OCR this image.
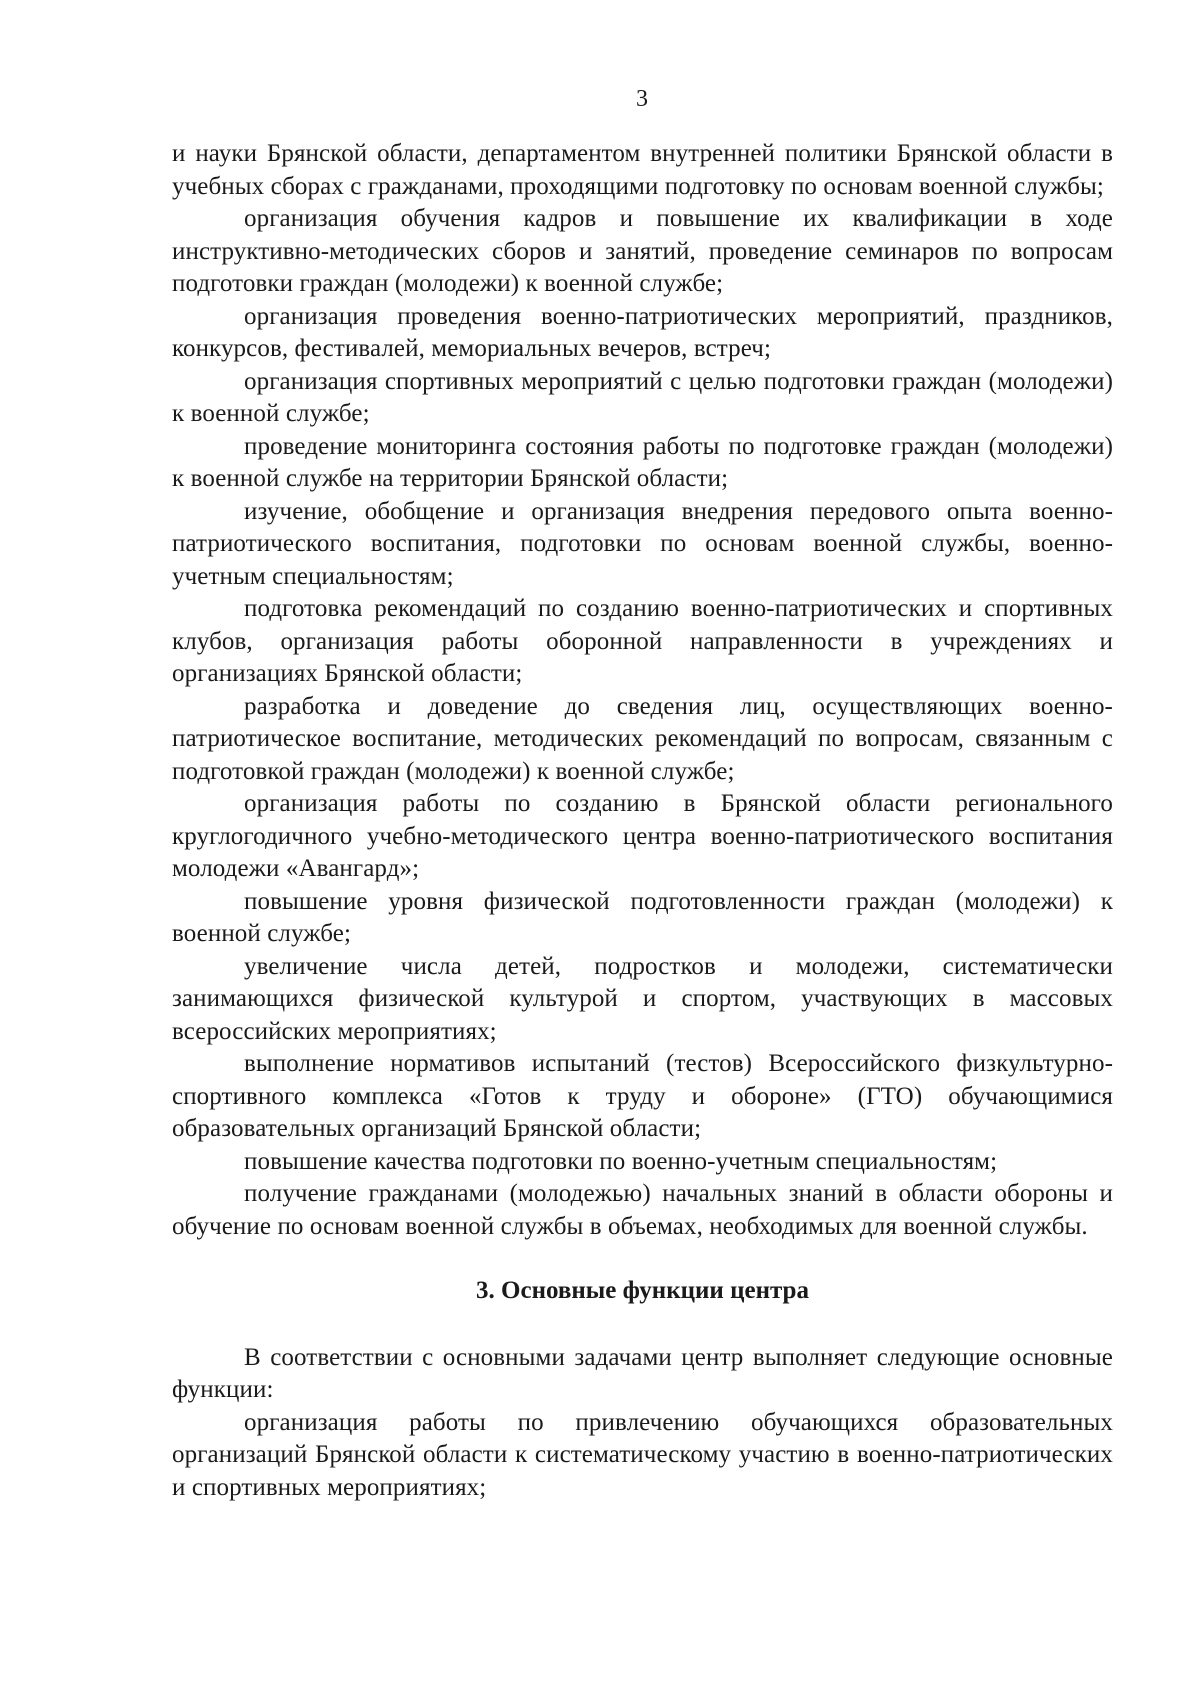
3

и науки Брянской области, департаментом внутренней политики Брянской области в учебных сборах с гражданами, проходящими подготовку по основам военной службы;

организация обучения кадров и повышение их квалификации в ходе инструктивно-методических сборов и занятий, проведение семинаров по вопросам подготовки граждан (молодежи) к военной службе;

организация проведения военно-патриотических мероприятий, праздников, конкурсов, фестивалей, мемориальных вечеров, встреч;

организация спортивных мероприятий с целью подготовки граждан (молодежи) к военной службе;

проведение мониторинга состояния работы по подготовке граждан (молодежи) к военной службе на территории Брянской области;

изучение, обобщение и организация внедрения передового опыта военно-патриотического воспитания, подготовки по основам военной службы, военно-учетным специальностям;

подготовка рекомендаций по созданию военно-патриотических и спортивных клубов, организация работы оборонной направленности в учреждениях и организациях Брянской области;

разработка и доведение до сведения лиц, осуществляющих военно-патриотическое воспитание, методических рекомендаций по вопросам, связанным с подготовкой граждан (молодежи) к военной службе;

организация работы по созданию в Брянской области регионального круглогодичного учебно-методического центра военно-патриотического воспитания молодежи «Авангард»;

повышение уровня физической подготовленности граждан (молодежи) к военной службе;

увеличение числа детей, подростков и молодежи, систематически занимающихся физической культурой и спортом, участвующих в массовых всероссийских мероприятиях;

выполнение нормативов испытаний (тестов) Всероссийского физкультурно-спортивного комплекса «Готов к труду и обороне» (ГТО) обучающимися образовательных организаций Брянской области;

повышение качества подготовки по военно-учетным специальностям;

получение гражданами (молодежью) начальных знаний в области обороны и обучение по основам военной службы в объемах, необходимых для военной службы.

3. Основные функции центра

В соответствии с основными задачами центр выполняет следующие основные функции:

организация работы по привлечению обучающихся образовательных организаций Брянской области к систематическому участию в военно-патриотических и спортивных мероприятиях;
